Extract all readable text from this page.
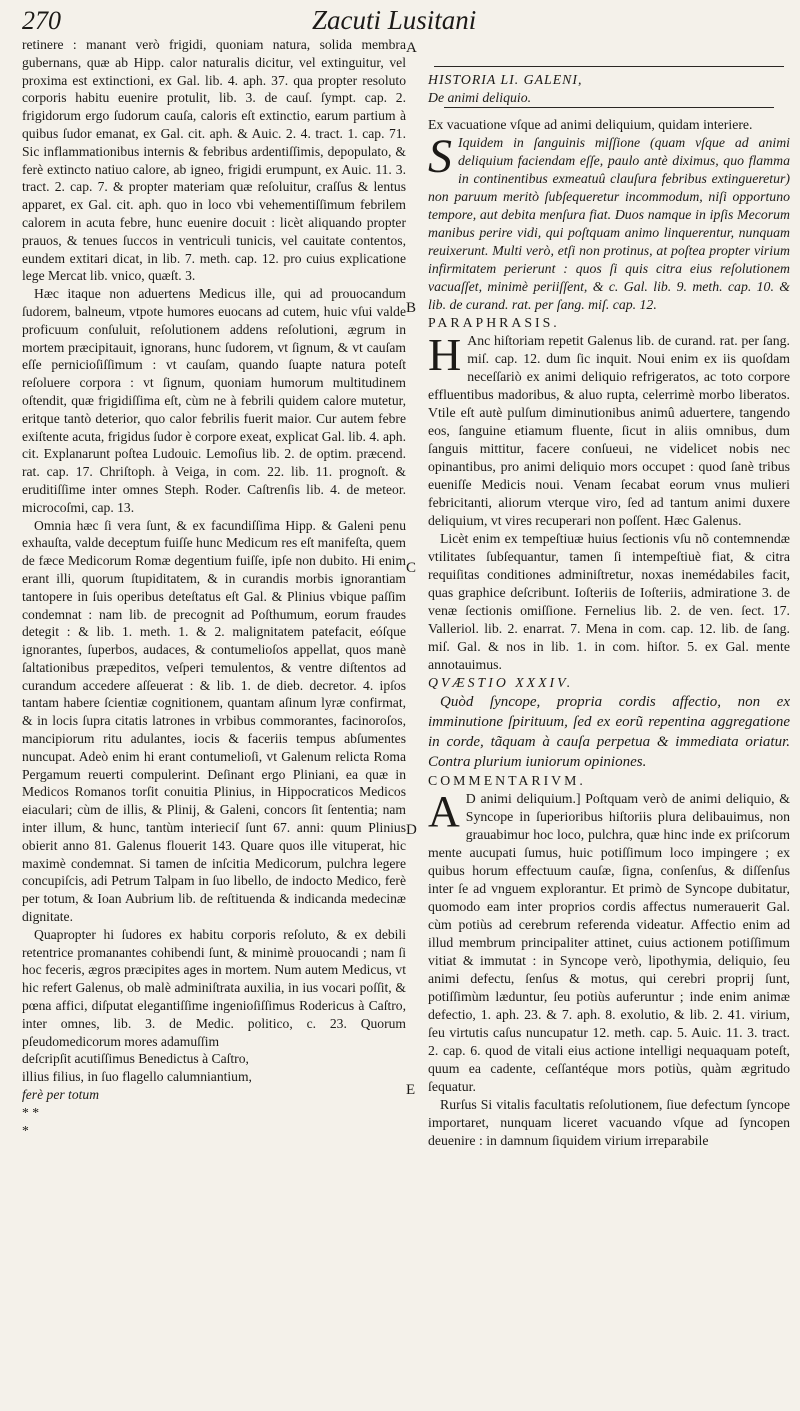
270	Zacuti Lusitani
A
B
C
D
E

retinere : manant verò frigidi, quoniam natura, solida membra gubernans, quæ ab Hipp. calor naturalis dicitur, vel extinguitur, vel proxima est extinctioni, ex Gal. lib. 4. aph. 37. qua propter resoluto corporis habitu euenire protulit, lib. 3. de cauſ. ſympt. cap. 2. frigidorum ergo ſudorum cauſa, caloris eſt extinctio, earum partium à quibus ſudor emanat, ex Gal. cit. aph. & Auic. 2. 4. tract. 1. cap. 71. Sic inflammationibus internis & febribus ardentiſſimis, depopulato, & ferè extincto natiuo calore, ab igneo, frigidi erumpunt, ex Auic. 11. 3. tract. 2. cap. 7. & propter materiam quæ reſoluitur, craſſus & lentus apparet, ex Gal. cit. aph. quo in loco vbi vehementiſſimum febrilem calorem in acuta febre, hunc euenire docuit : licèt aliquando propter prauos, & tenues ſuccos in ventriculi tunicis, vel cauitate contentos, eundem extitari dicat, in lib. 7. meth. cap. 12. pro cuius explicatione lege Mercat lib. vnico, quæſt. 3.

Hæc itaque non aduertens Medicus ille, qui ad prouocandum ſudorem, balneum, vtpote humores euocans ad cutem, huic vſui valde proficuum conſuluit, reſolutionem addens reſolutioni, ægrum in mortem præcipitauit, ignorans, hunc ſudorem, vt ſignum, & vt cauſam eſſe pernicioſiſſimum : vt cauſam, quando ſuapte natura poteſt reſoluere corpora : vt ſignum, quoniam humorum multitudinem oſtendit, quæ frigidiſſima eſt, cùm ne à febrili quidem calore mutetur, eritque tantò deterior, quo calor febrilis fuerit maior. Cur autem febre exiſtente acuta, frigidus ſudor è corpore exeat, explicat Gal. lib. 4. aph. cit. Explanarunt poſtea Ludouic. Lemoſius lib. 2. de optim. præcend. rat. cap. 17. Chriſtoph. à Veiga, in com. 22. lib. 11. prognoſt. & eruditiſſime inter omnes Steph. Roder. Caſtrenſis lib. 4. de meteor. microcoſmi, cap. 13.

Omnia hæc ſi vera ſunt, & ex facundiſſima Hipp. & Galeni penu exhauſta, valde deceptum fuiſſe hunc Medicum res eſt manifeſta, quem de fæce Medicorum Romæ degentium fuiſſe, ipſe non dubito. Hi enim erant illi, quorum ſtupiditatem, & in curandis morbis ignorantiam tantopere in ſuis operibus deteſtatus eſt Gal. & Plinius vbique paſſim condemnat : nam lib. de precognit ad Poſthumum, eorum fraudes detegit : & lib. 1. meth. 1. & 2. malignitatem patefacit, eóſque ignorantes, ſuperbos, audaces, & contumelioſos appellat, quos manè ſaltationibus præpeditos, veſperi temulentos, & ventre diſtentos ad curandum accedere aſſeuerat : & lib. 1. de dieb. decretor. 4. ipſos tantam habere ſcientiæ cognitionem, quantam aſinum lyræ confirmat, & in locis ſupra citatis latrones in vrbibus commorantes, facinoroſos, mancipiorum ritu adulantes, iocis & faceriis tempus abſumentes nuncupat. Adeò enim hi erant contumelioſi, vt Galenum relicta Roma Pergamum reuerti compulerint. Deſinant ergo Pliniani, ea quæ in Medicos Romanos torſit conuitia Plinius, in Hippocraticos Medicos eiaculari; cùm de illis, & Plinij, & Galeni, concors ſit ſententia; nam inter illum, & hunc, tantùm interieciſ ſunt 67. anni: quum Plinius obierit anno 81. Galenus flouerit 143. Quare quos ille vituperat, hic maximè condemnat. Si tamen de inſcitia Medicorum, pulchra legere concupiſcis, adi Petrum Talpam in ſuo libello, de indocto Medico, ferè per totum, & Ioan Aubrium lib. de reſtituenda & indicanda medecinæ dignitate.

Quapropter hi ſudores ex habitu corporis reſoluto, & ex debili retentrice promanantes cohibendi ſunt, & minimè prouocandi ; nam ſi hoc feceris, ægros præcipites ages in mortem. Num autem Medicus, vt hic refert Galenus, ob malè adminiſtrata auxilia, in ius vocari poſſit, & pœna affici, diſputat elegantiſſime ingenioſiſſimus Rodericus à Caſtro, inter omnes, lib. 3. de Medic. politico, c. 23. Quorum pſeudomedicorum mores adamuſſim

deſcripſit acutiſſimus Benedictus à Caſtro,

illius filius, in ſuo flagello calumniantium,

ferè per totum

* *

*

HISTORIA LI. GALENI,

De animi deliquio.

Ex vacuatione vſque ad animi deliquium, quidam interiere.

S Iquidem in ſanguinis miſſione (quam vſque ad animi deliquium faciendam eſſe, paulo antè diximus, quo flamma in continentibus exmeatuû clauſura febribus extingueretur) non paruum meritò ſubſequeretur incommodum, niſi opportuno tempore, aut debita menſura fiat. Duos namque in ipſis Mecorum manibus perire vidi, qui poſtquam animo linquerentur, nunquam reuixerunt. Multi verò, etſi non protinus, at poſtea propter virium infirmitatem perierunt : quos ſi quis citra eius reſolutionem vacuaſſet, minimè periiſſent, & c. Gal. lib. 9. meth. cap. 10. & lib. de curand. rat. per ſang. miſ. cap. 12.

PARAPHRASIS.

H Anc hiſtoriam repetit Galenus lib. de curand. rat. per ſang. miſ. cap. 12. dum ſic inquit. Noui enim ex iis quoſdam neceſſariò ex animi deliquio refrigeratos, ac toto corpore effluentibus madoribus, & aluo rupta, celerrimè morbo liberatos. Vtile eſt autè pulſum diminutionibus animû aduertere, tangendo eos, ſanguine etiamum fluente, ſicut in aliis omnibus, dum ſanguis mittitur, facere conſueui, ne videlicet nobis nec opinantibus, pro animi deliquio mors occupet : quod ſanè tribus eueniſſe Medicis noui. Venam ſecabat eorum vnus mulieri febricitanti, aliorum vterque viro, ſed ad tantum animi duxere deliquium, vt vires recuperari non poſſent. Hæc Galenus.

Licèt enim ex tempeſtiuæ huius ſectionis vſu nõ contemnendæ vtilitates ſubſequantur, tamen ſi intempeſtiuè fiat, & citra requiſitas conditiones adminiſtretur, noxas inemédabiles facit, quas graphice deſcribunt. Ioſteriis de Ioſteriis, admiratione 3. de venæ ſectionis omiſſione. Fernelius lib. 2. de ven. ſect. 17. Valleriol. lib. 2. enarrat. 7. Mena in com. cap. 12. lib. de ſang. miſ. Gal. & nos in lib. 1. in com. hiſtor. 5. ex Gal. mente annotauimus.

QVÆSTIO XXXIV.

Quòd ſyncope, propria cordis affectio, non ex imminutione ſpirituum, ſed ex eorũ repentina aggregatione in corde, tãquam à cauſa perpetua & immediata oriatur. Contra plurium iuniorum opiniones.

COMMENTARIVM.

A D animi deliquium.] Poſtquam verò de animi deliquio, & Syncope in ſuperioribus hiſtoriis plura delibauimus, non grauabimur hoc loco, pulchra, quæ hinc inde ex priſcorum mente aucupati ſumus, huic potiſſimum loco impingere ; ex quibus horum effectuum cauſæ, ſigna, conſenſus, & diſſenſus inter ſe ad vnguem explorantur. Et primò de Syncope dubitatur, quomodo eam inter proprios cordis affectus numerauerit Gal. cùm potiùs ad cerebrum referenda videatur. Affectio enim ad illud membrum principaliter attinet, cuius actionem potiſſimum vitiat & immutat : in Syncope verò, lipothymia, deliquio, ſeu animi defectu, ſenſus & motus, qui cerebri proprij ſunt, potiſſimùm læduntur, ſeu potiùs auferuntur ; inde enim animæ defectio, 1. aph. 23. & 7. aph. 8. exolutio, & lib. 2. 41. virium, ſeu virtutis caſus nuncupatur 12. meth. cap. 5. Auic. 11. 3. tract. 2. cap. 6. quod de vitali eius actione intelligi nequaquam poteſt, quum ea cadente, ceſſantéque mors potiùs, quàm ægritudo ſequatur.

Rurſus Si vitalis facultatis reſolutionem, ſiue defectum ſyncope importaret, nunquam liceret vacuando vſque ad ſyncopen deuenire : in damnum ſiquidem virium irreparabile
